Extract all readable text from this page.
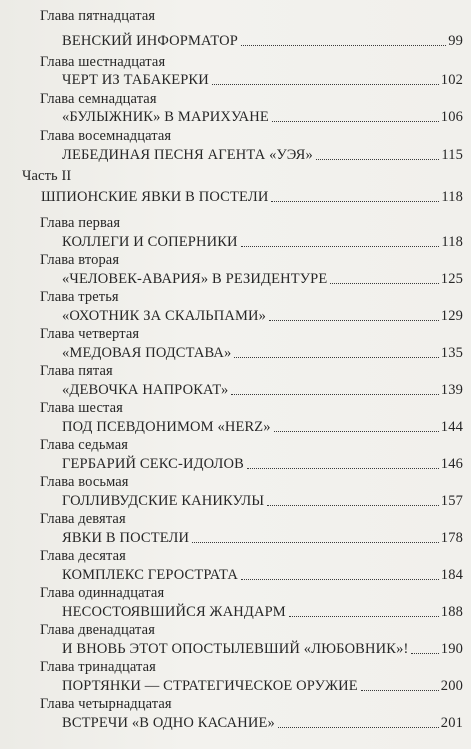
Глава пятнадцатая
ВЕНСКИЙ ИНФОРМАТОР	99
Глава шестнадцатая
ЧЕРТ ИЗ ТАБАКЕРКИ	102
Глава семнадцатая
«БУЛЫЖНИК» В МАРИХУАНЕ	106
Глава восемнадцатая
ЛЕБЕДИНАЯ ПЕСНЯ АГЕНТА «УЭЯ»	115
Часть II
ШПИОНСКИЕ ЯВКИ В ПОСТЕЛИ	118
Глава первая
КОЛЛЕГИ И СОПЕРНИКИ	118
Глава вторая
«ЧЕЛОВЕК-АВАРИЯ» В РЕЗИДЕНТУРЕ	125
Глава третья
«ОХОТНИК ЗА СКАЛЬПАМИ»	129
Глава четвертая
«МЕДОВАЯ ПОДСТАВА»	135
Глава пятая
«ДЕВОЧКА НАПРОКАТ»	139
Глава шестая
ПОД ПСЕВДОНИМОМ «HERZ»	144
Глава седьмая
ГЕРБАРИЙ СЕКС-ИДОЛОВ	146
Глава восьмая
ГОЛЛИВУДСКИЕ КАНИКУЛЫ	157
Глава девятая
ЯВКИ В ПОСТЕЛИ	178
Глава десятая
КОМПЛЕКС ГЕРОСТРАТА	184
Глава одиннадцатая
НЕСОСТОЯВШИЙСЯ ЖАНДАРМ	188
Глава двенадцатая
И ВНОВЬ ЭТОТ ОПОСТЫЛЕВШИЙ «ЛЮБОВНИК»! 190
Глава тринадцатая
ПОРТЯНКИ — СТРАТЕГИЧЕСКОЕ ОРУЖИЕ	200
Глава четырнадцатая
ВСТРЕЧИ «В ОДНО КАСАНИЕ»	201
